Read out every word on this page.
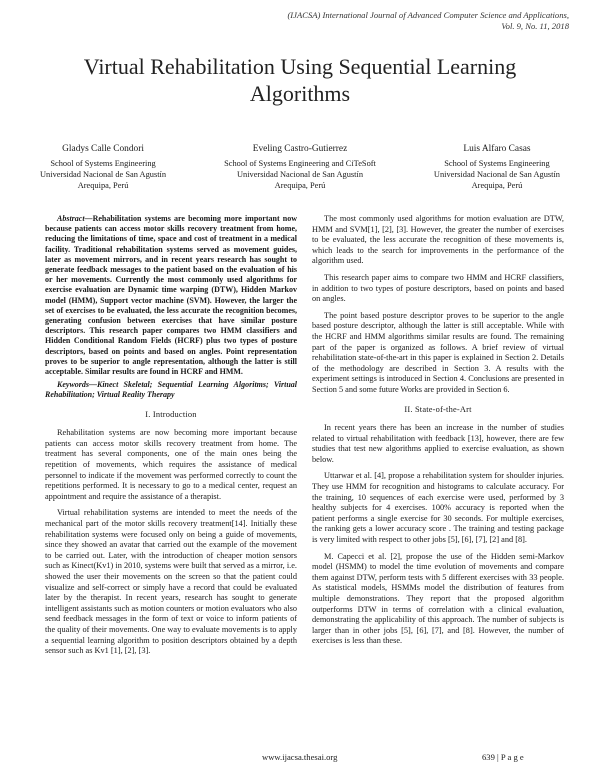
(IJACSA) International Journal of Advanced Computer Science and Applications,
Vol. 9, No. 11, 2018
Virtual Rehabilitation Using Sequential Learning
Algorithms
Gladys Calle Condori
School of Systems Engineering
Universidad Nacional de San Agustín
Arequipa, Perú
Eveling Castro-Gutierrez
School of Systems Engineering and CiTeSoft
Universidad Nacional de San Agustín
Arequipa, Perú
Luis Alfaro Casas
School of Systems Engineering
Universidad Nacional de San Agustín
Arequipa, Perú
Abstract—Rehabilitation systems are becoming more important now because patients can access motor skills recovery treatment from home, reducing the limitations of time, space and cost of treatment in a medical facility. Traditional rehabilitation systems served as movement guides, later as movement mirrors, and in recent years research has sought to generate feedback messages to the patient based on the evaluation of his or her movements. Currently the most commonly used algorithms for exercise evaluation are Dynamic time warping (DTW), Hidden Markov model (HMM), Support vector machine (SVM). However, the larger the set of exercises to be evaluated, the less accurate the recognition becomes, generating confusion between exercises that have similar posture descriptors. This research paper compares two HMM classifiers and Hidden Conditional Random Fields (HCRF) plus two types of posture descriptors, based on points and based on angles. Point representation proves to be superior to angle representation, although the latter is still acceptable. Similar results are found in HCRF and HMM.
Keywords—Kinect Skeletal; Sequential Learning Algoritms; Virtual Rehabilitation; Virtual Reality Therapy
I. Introduction

Rehabilitation systems are now becoming more important because patients can access motor skills recovery treatment from home. The treatment has several components, one of the main ones being the repetition of movements, which requires the assistance of medical personnel to indicate if the movement was performed correctly to count the repetitions performed. It is necessary to go to a medical center, request an appointment and require the assistance of a therapist.

Virtual rehabilitation systems are intended to meet the needs of the mechanical part of the motor skills recovery treatment[14]. Initially these rehabilitation systems were focused only on being a guide of movements, since they showed an avatar that carried out the example of the movement to be carried out. Later, with the introduction of cheaper motion sensors such as Kinect(Kv1) in 2010, systems were built that served as a mirror, i.e. showed the user their movements on the screen so that the patient could visualize and self-correct or simply have a record that could be evaluated later by the therapist. In recent years, research has sought to generate intelligent assistants such as motion counters or motion evaluators who also send feedback messages in the form of text or voice to inform patients of the quality of their movements. One way to evaluate movements is to apply a sequential learning algorithm to position descriptors obtained by a depth sensor such as Kv1 [1], [2], [3].

The most commonly used algorithms for motion evaluation are DTW, HMM and SVM[1], [2], [3]. However, the greater the number of exercises to be evaluated, the less accurate the recognition of these movements is, which leads to the search for improvements in the performance of the algorithm used.

This research paper aims to compare two HMM and HCRF classifiers, in addition to two types of posture descriptors, based on points and based on angles.

The point based posture descriptor proves to be superior to the angle based posture descriptor, although the latter is still acceptable. While with the HCRF and HMM algorithms similar results are found. The remaining part of the paper is organized as follows. A brief review of virtual rehabilitation state-of-the-art in this paper is explained in Section 2. Details of the methodology are described in Section 3. A results with the experiment settings is introduced in Section 4. Conclusions are presented in Section 5 and some future Works are provided in Section 6.

II. State-of-the-Art

In recent years there has been an increase in the number of studies related to virtual rehabilitation with feedback [13], however, there are few studies that test new algorithms applied to exercise evaluation, as shown below.

Uttarwar et al. [4], propose a rehabilitation system for shoulder injuries. They use HMM for recognition and histograms to calculate accuracy. For the training, 10 sequences of each exercise were used, performed by 3 healthy subjects for 4 exercises. 100% accuracy is reported when the patient performs a single exercise for 30 seconds. For multiple exercises, the ranking gets a lower accuracy score . The training and testing package is very limited with respect to other jobs [5], [6], [7], [2] and [8].

M. Capecci et al. [2], propose the use of the Hidden semi-Markov model (HSMM) to model the time evolution of movements and compare them against DTW, perform tests with 5 different exercises with 33 people. As statistical models, HSMMs model the distribution of features from multiple demonstrations. They report that the proposed algorithm outperforms DTW in terms of correlation with a clinical evaluation, demonstrating the applicability of this approach. The number of subjects is larger than in other jobs [5], [6], [7], and [8]. However, the number of exercises is less than these.

www.ijacsa.thesai.org	639 | P a g e
